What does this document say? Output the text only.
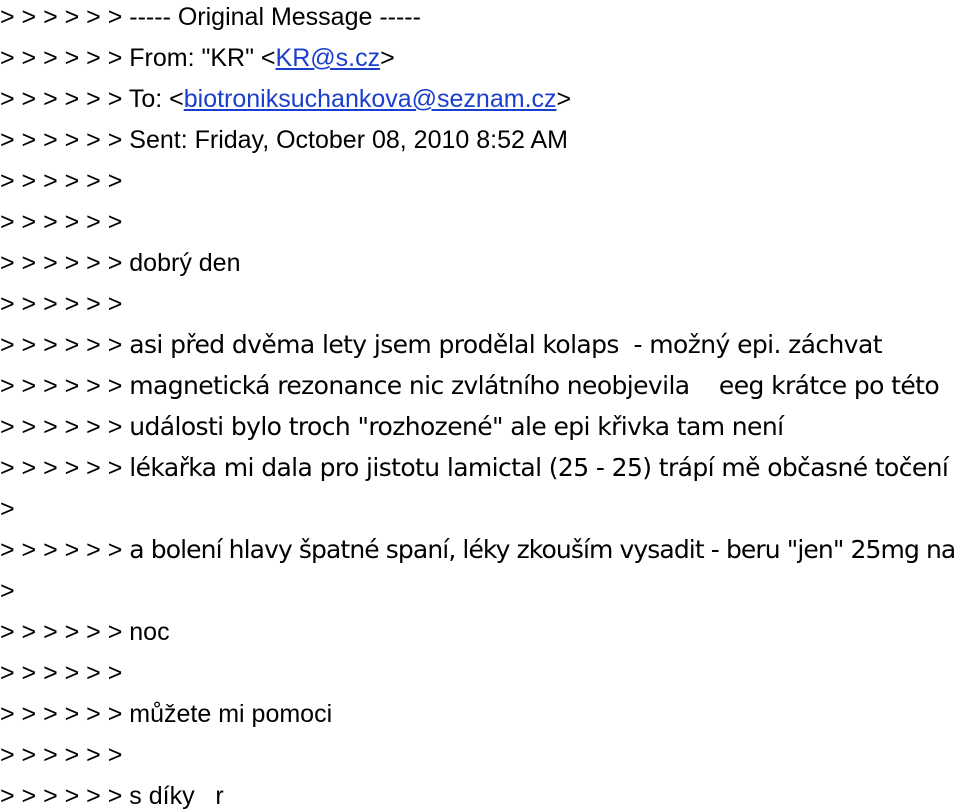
> > > > > > ----- Original Message -----
> > > > > > From: "KR" <KR@s.cz>
> > > > > > To: <biotroniksuchankova@seznam.cz>
> > > > > > Sent: Friday, October 08, 2010 8:52 AM
> > > > > >
> > > > > >
> > > > > > dobrý den
> > > > > >
> > > > > > asi před dvěma lety jsem prodělal kolaps  - možný epi. záchvat
> > > > > > magnetická rezonance nic zvlátního neobjevila    eeg krátce po této
> > > > > > události bylo troch "rozhozené" ale epi křivka tam není
> > > > > > lékařka mi dala pro jistotu lamictal (25 - 25) trápí mě občasné točení
>
> > > > > > a bolení hlavy špatné spaní, léky zkouším vysadit - beru "jen" 25mg na
>
> > > > > > noc
> > > > > >
> > > > > > můžete mi pomoci
> > > > > >
> > > > > > s díky   r
